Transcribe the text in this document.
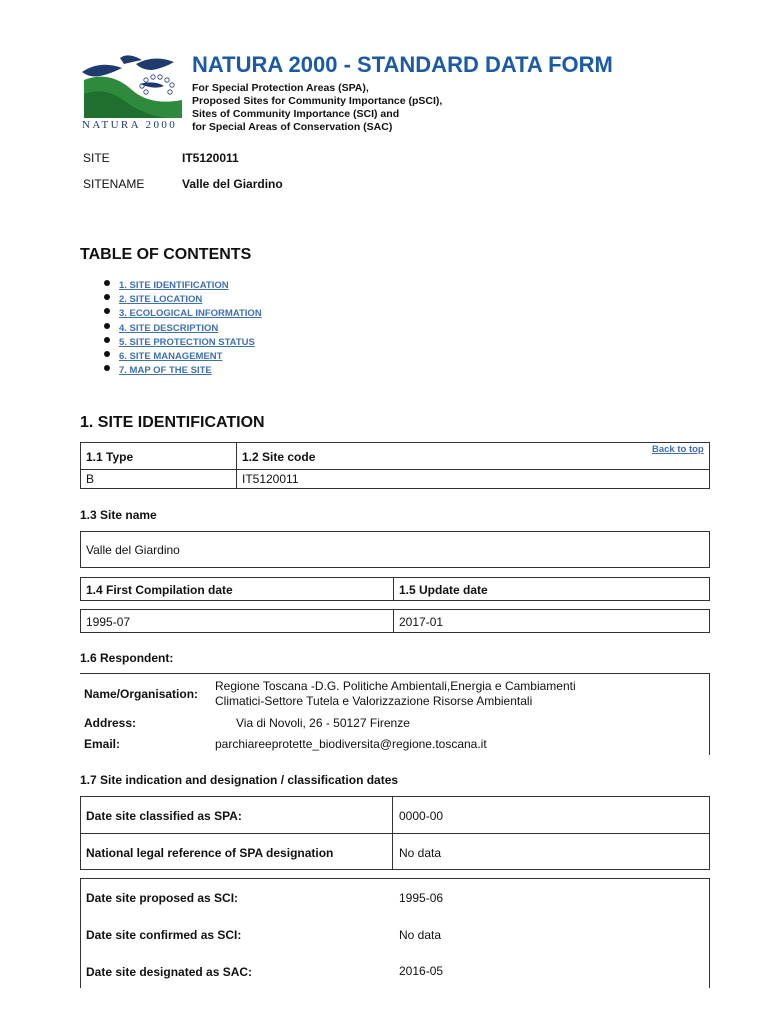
NATURA 2000
NATURA 2000 - STANDARD DATA FORM
For Special Protection Areas (SPA),
Proposed Sites for Community Importance (pSCI),
Sites of Community Importance (SCI) and
for Special Areas of Conservation (SAC)
SITE	IT5120011
SITENAME	Valle del Giardino
TABLE OF CONTENTS
1. SITE IDENTIFICATION
2. SITE LOCATION
3. ECOLOGICAL INFORMATION
4. SITE DESCRIPTION
5. SITE PROTECTION STATUS
6. SITE MANAGEMENT
7. MAP OF THE SITE
1. SITE IDENTIFICATION
Back to top
1.1 Type	1.2 Site code
B	IT5120011
1.3 Site name
Valle del Giardino
1.4 First Compilation date	1.5 Update date
1995-07	2017-01
1.6 Respondent:
Name/Organisation:
Regione Toscana -D.G. Politiche Ambientali,Energia e Cambiamenti
Climatici-Settore Tutela e Valorizzazione Risorse Ambientali
Address:	Via di Novoli, 26 - 50127 Firenze
Email:	parchiareeprotette_biodiversita@regione.toscana.it
1.7 Site indication and designation / classification dates
Date site classified as SPA:	0000-00
National legal reference of SPA designation	No data
Date site proposed as SCI:	1995-06
Date site confirmed as SCI:	No data
Date site designated as SAC:	2016-05
